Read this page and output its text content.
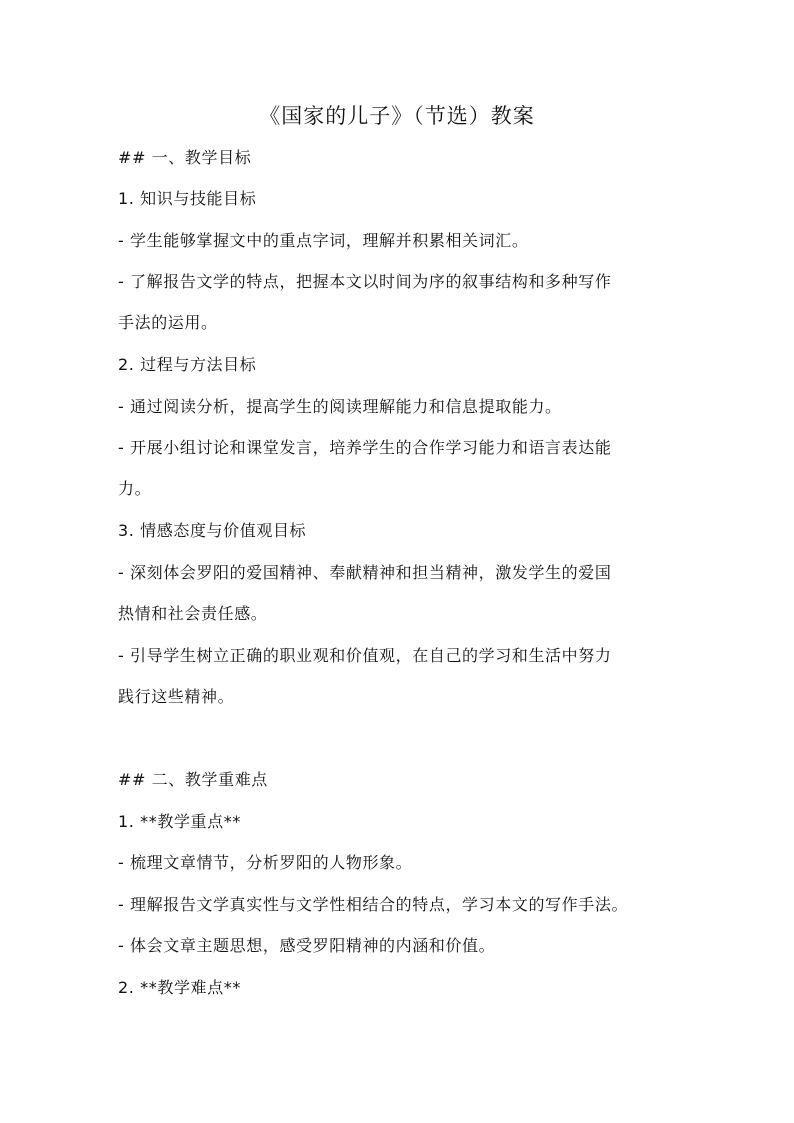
《国家的儿子》（节选）教案
## 一、教学目标
1. 知识与技能目标
- 学生能够掌握文中的重点字词，理解并积累相关词汇。
- 了解报告文学的特点，把握本文以时间为序的叙事结构和多种写作
手法的运用。
2. 过程与方法目标
- 通过阅读分析，提高学生的阅读理解能力和信息提取能力。
- 开展小组讨论和课堂发言，培养学生的合作学习能力和语言表达能
力。
3. 情感态度与价值观目标
- 深刻体会罗阳的爱国精神、奉献精神和担当精神，激发学生的爱国
热情和社会责任感。
- 引导学生树立正确的职业观和价值观，在自己的学习和生活中努力
践行这些精神。
## 二、教学重难点
1. **教学重点**
- 梳理文章情节，分析罗阳的人物形象。
- 理解报告文学真实性与文学性相结合的特点，学习本文的写作手法。
- 体会文章主题思想，感受罗阳精神的内涵和价值。
2. **教学难点**
